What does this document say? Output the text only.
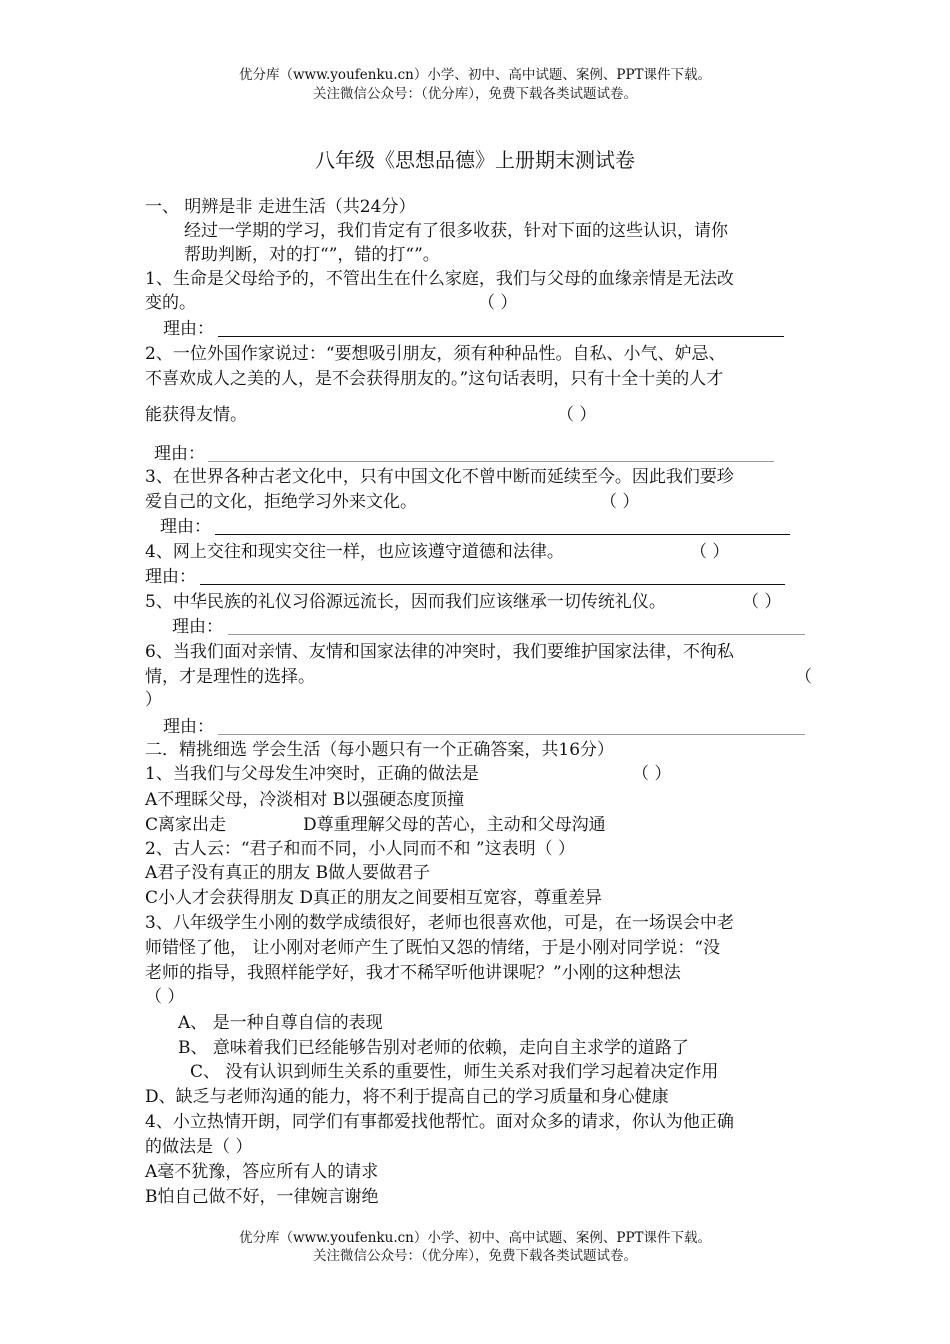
优分库（www.youfenku.cn）小学、初中、高中试题、案例、PPT课件下载。
关注微信公众号：（优分库），免费下载各类试题试卷。
八年级《思想品德》上册期末测试卷
一、 明辨是非 走进生活（共24分）
经过一学期的学习，我们肯定有了很多收获，针对下面的这些认识，请你
帮助判断，对的打“”，错的打“”。
1、生命是父母给予的，不管出生在什么家庭，我们与父母的血缘亲情是无法改
变的。	（ ）
理由：
2、一位外国作家说过：“要想吸引朋友，须有种种品性。自私、小气、妒忌、
不喜欢成人之美的人，是不会获得朋友的。”这句话表明，只有十全十美的人才
能获得友情。	（ ）
理由：
3、在世界各种古老文化中，只有中国文化不曾中断而延续至今。因此我们要珍
爱自己的文化，拒绝学习外来文化。	（ ）
理由：
4、网上交往和现实交往一样，也应该遵守道德和法律。	（ ）
理由：
5、中华民族的礼仪习俗源远流长，因而我们应该继承一切传统礼仪。	（ ）
理由：
6、当我们面对亲情、友情和国家法律的冲突时，我们要维护国家法律，不徇私
情，才是理性的选择。	（
）
理由：
二．精挑细选 学会生活（每小题只有一个正确答案，共16分）
1、当我们与父母发生冲突时，正确的做法是	（ ）
A不理睬父母，冷淡相对 B以强硬态度顶撞
C离家出走	D尊重理解父母的苦心，主动和父母沟通
2、古人云：“君子和而不同，小人同而不和 ”这表明（ ）
A君子没有真正的朋友 B做人要做君子
C小人才会获得朋友 D真正的朋友之间要相互宽容，尊重差异
3、八年级学生小刚的数学成绩很好，老师也很喜欢他，可是，在一场误会中老
师错怪了他， 让小刚对老师产生了既怕又怨的情绪，于是小刚对同学说：“没
老师的指导，我照样能学好，我才不稀罕听他讲课呢？”小刚的这种想法
（ ）
A、 是一种自尊自信的表现
B、 意味着我们已经能够告别对老师的依赖，走向自主求学的道路了
C、 没有认识到师生关系的重要性，师生关系对我们学习起着决定作用
D、缺乏与老师沟通的能力，将不利于提高自己的学习质量和身心健康
4、小立热情开朗，同学们有事都爱找他帮忙。面对众多的请求，你认为他正确
的做法是（ ）
A毫不犹豫，答应所有人的请求
B怕自己做不好，一律婉言谢绝
优分库（www.youfenku.cn）小学、初中、高中试题、案例、PPT课件下载。
关注微信公众号：（优分库），免费下载各类试题试卷。
